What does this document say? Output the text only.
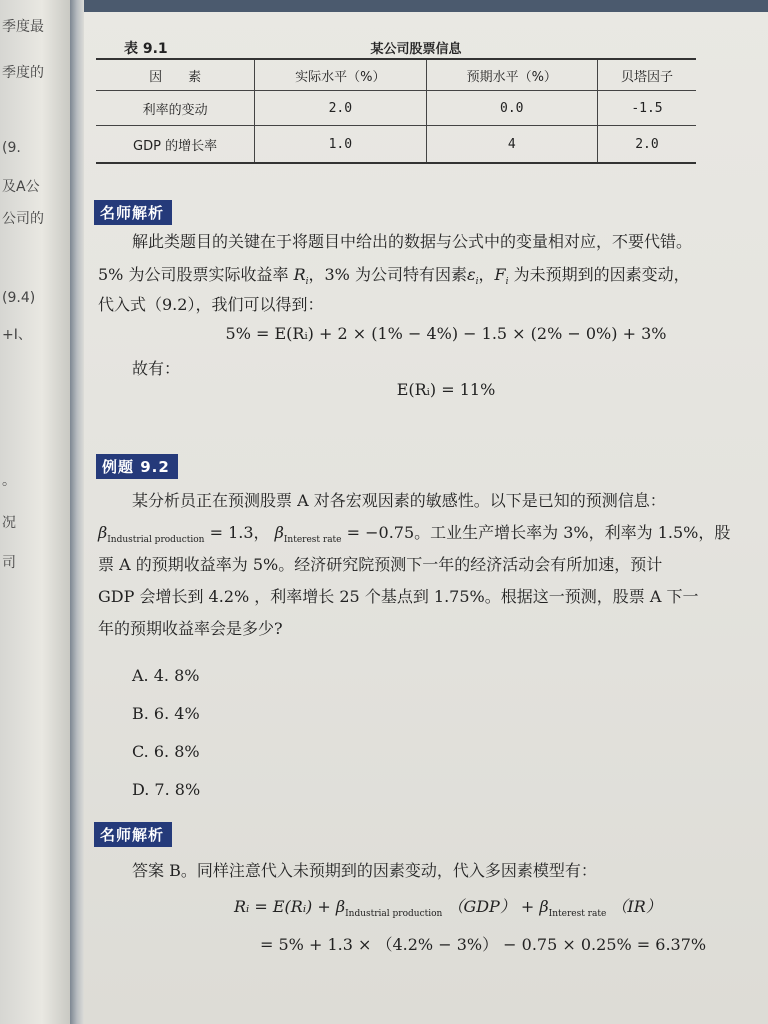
季度最
季度的
(9.
及A公
公司的
(9.4)
+I、
。
况
司
表 9.1	某公司股票信息
因　　素	实际水平（%）	预期水平（%）	贝塔因子
利率的变动	2.0	0.0	-1.5
GDP 的增长率	1.0	4	2.0
名师解析
解此类题目的关键在于将题目中给出的数据与公式中的变量相对应，不要代错。
5% 为公司股票实际收益率 $R_i$，3% 为公司特有因素$\varepsilon_i$，$F_i$ 为未预期到的因素变动，
代入式（9.2），我们可以得到：
5% = E(Rᵢ) + 2 × (1% − 4%) − 1.5 × (2% − 0%) + 3%
故有：
E(Rᵢ) = 11%
例题 9.2
某分析员正在预测股票 A 对各宏观因素的敏感性。以下是已知的预测信息：
$\beta_{Industrial production} = 1.3$， $\beta_{Interest rate} = -0.75$。工业生产增长率为 3%，利率为 1.5%，股
票 A 的预期收益率为 5%。经济研究院预测下一年的经济活动会有所加速，预计
GDP 会增长到 4.2% ，利率增长 25 个基点到 1.75%。根据这一预测，股票 A 下一
年的预期收益率会是多少?
A. 4. 8%
B. 6. 4%
C. 6. 8%
D. 7. 8%
名师解析
答案 B。同样注意代入未预期到的因素变动，代入多因素模型有：
Rᵢ = E(Rᵢ) + $\beta_{Industrial production}$ $(GDP) + \beta_{Interest rate}$ （IR）
= 5% + 1.3 × （4.2% − 3%） − 0.75 × 0.25% = 6.37%
